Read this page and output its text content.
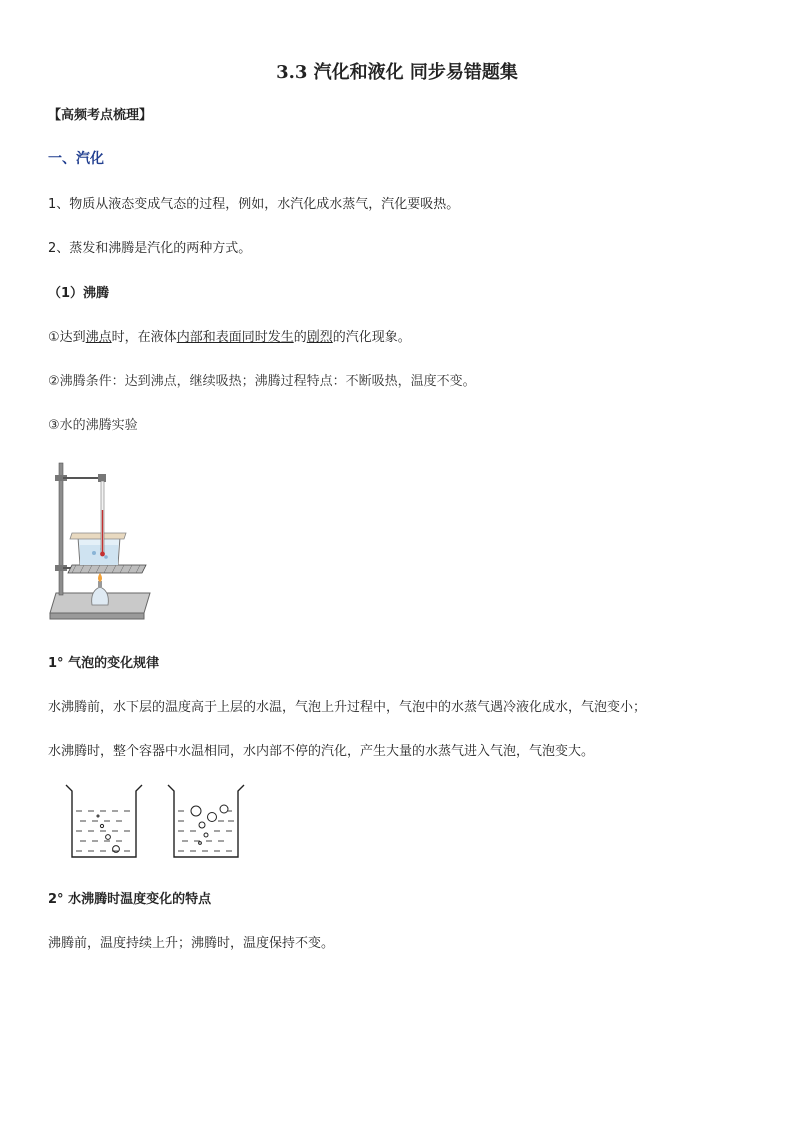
3.3 汽化和液化 同步易错题集
【高频考点梳理】
一、汽化
1、物质从液态变成气态的过程，例如，水汽化成水蒸气，汽化要吸热。
2、蒸发和沸腾是汽化的两种方式。
（1）沸腾
①达到沸点时，在液体内部和表面同时发生的剧烈的汽化现象。
②沸腾条件：达到沸点，继续吸热；沸腾过程特点：不断吸热，温度不变。
③水的沸腾实验
1° 气泡的变化规律
水沸腾前，水下层的温度高于上层的水温，气泡上升过程中，气泡中的水蒸气遇冷液化成水，气泡变小；
水沸腾时，整个容器中水温相同，水内部不停的汽化，产生大量的水蒸气进入气泡，气泡变大。
2° 水沸腾时温度变化的特点
沸腾前，温度持续上升；沸腾时，温度保持不变。
